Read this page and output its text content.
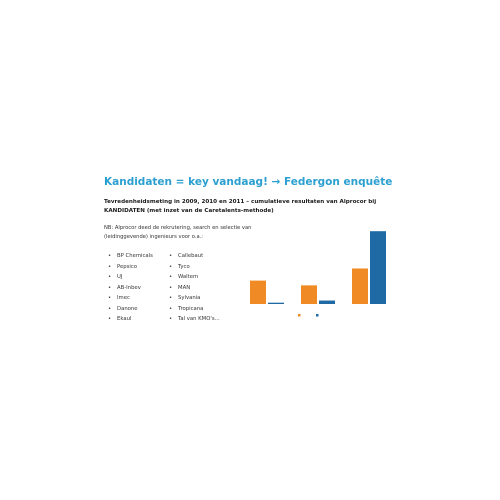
Kandidaten = key vandaag! → Federgon enquête
Tevredenheidsmeting in 2009, 2010 en 2011 – cumulatieve resultaten van Alprocor bij KANDIDATEN (met inzet van de Caretalents-methode)
NB: Alprocor deed de rekrutering, search en selectie van (leidinggevende) ingenieurs voor o.a.:
• BP Chemicals
• Pepsico
• UJ
• AB-Inbev
• Imec
• Danone
• Ekaul
• Callebaut
• Tyco
• Waltem
• MAN
• Sylvania
• Tropicana
• Tal van KMO's...
